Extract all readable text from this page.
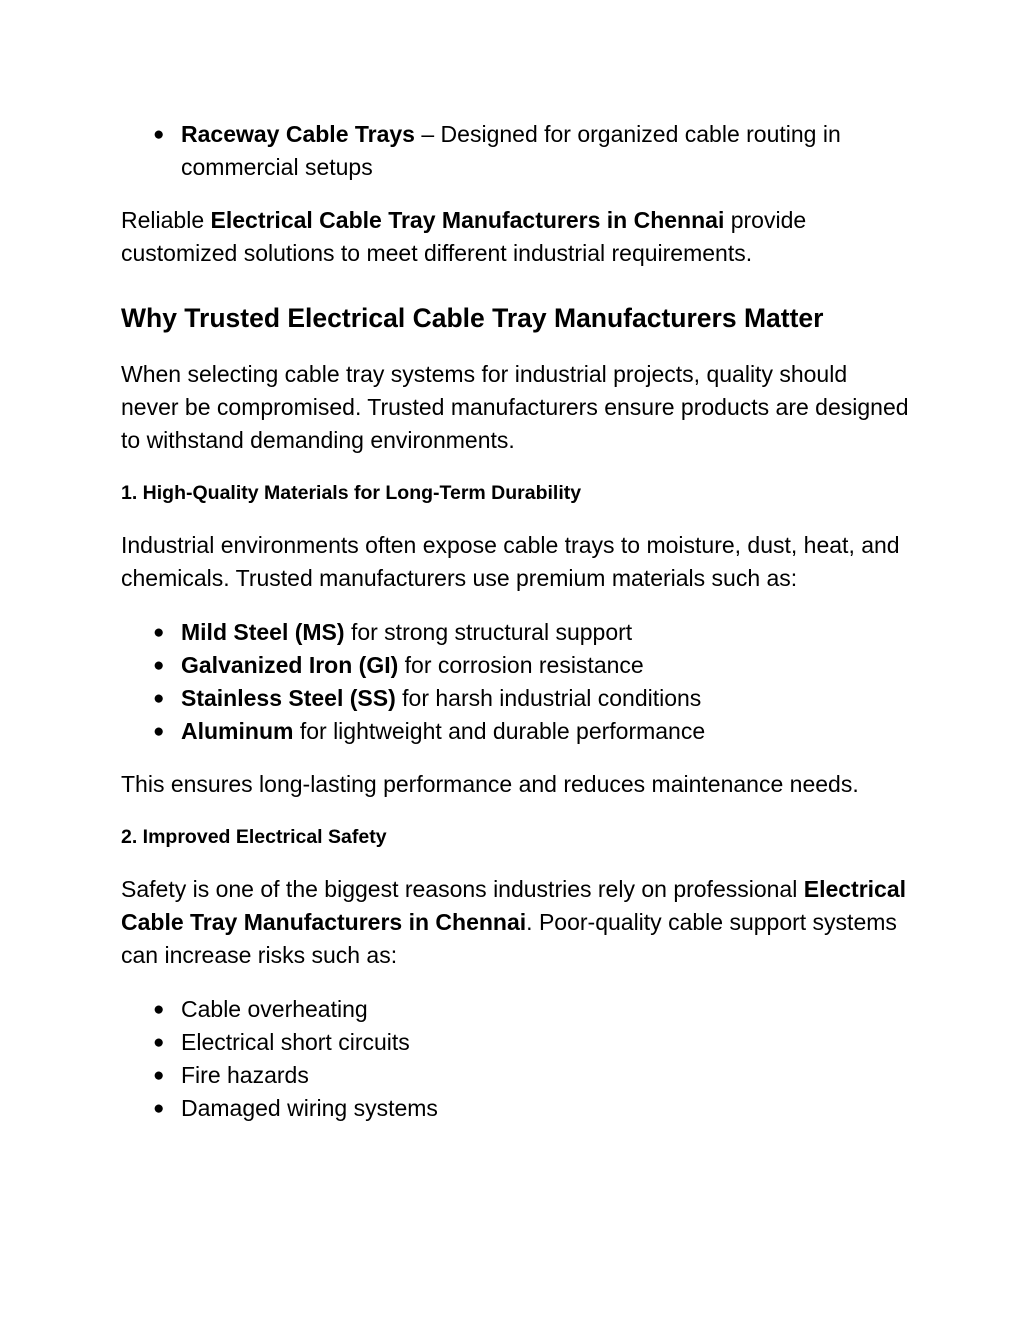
● Raceway Cable Trays – Designed for organized cable routing in commercial setups

Reliable Electrical Cable Tray Manufacturers in Chennai provide customized solutions to meet different industrial requirements.

Why Trusted Electrical Cable Tray Manufacturers Matter

When selecting cable tray systems for industrial projects, quality should never be compromised. Trusted manufacturers ensure products are designed to withstand demanding environments.

1. High-Quality Materials for Long-Term Durability

Industrial environments often expose cable trays to moisture, dust, heat, and chemicals. Trusted manufacturers use premium materials such as:

● Mild Steel (MS) for strong structural support
● Galvanized Iron (GI) for corrosion resistance
● Stainless Steel (SS) for harsh industrial conditions
● Aluminum for lightweight and durable performance

This ensures long-lasting performance and reduces maintenance needs.

2. Improved Electrical Safety

Safety is one of the biggest reasons industries rely on professional Electrical Cable Tray Manufacturers in Chennai. Poor-quality cable support systems can increase risks such as:

● Cable overheating
● Electrical short circuits
● Fire hazards
● Damaged wiring systems
